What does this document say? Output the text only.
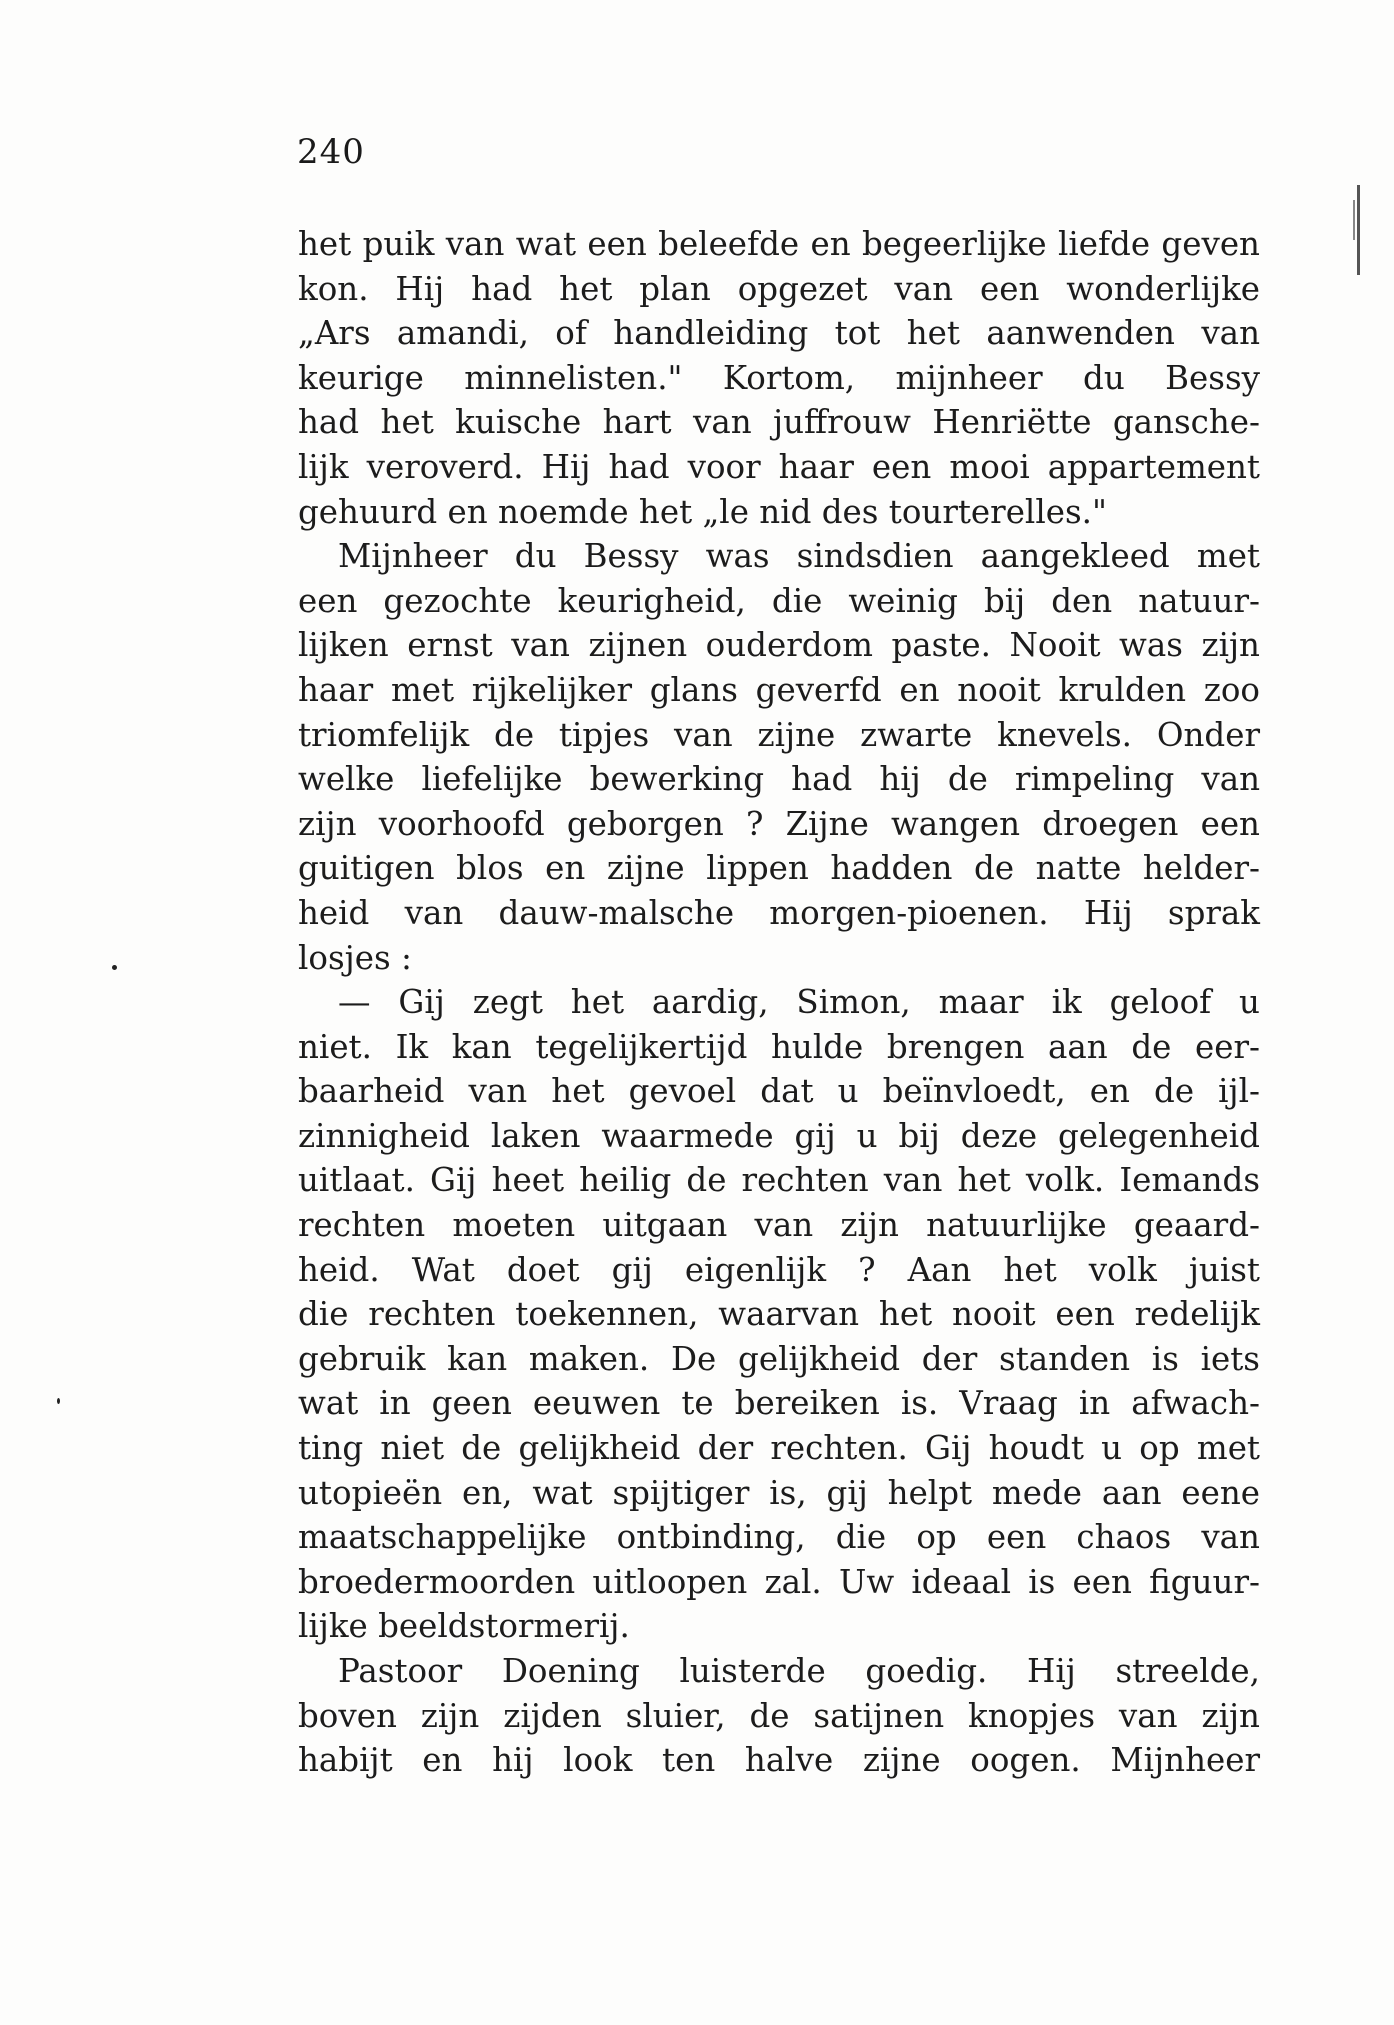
240
het puik van wat een beleefde en begeerlijke liefde geven
kon. Hij had het plan opgezet van een wonderlijke
„Ars amandi, of handleiding tot het aanwenden van
keurige minnelisten." Kortom, mijnheer du Bessy
had het kuische hart van juffrouw Henriëtte gansche-
lijk veroverd. Hij had voor haar een mooi appartement
gehuurd en noemde het „le nid des tourterelles."
Mijnheer du Bessy was sindsdien aangekleed met
een gezochte keurigheid, die weinig bij den natuur-
lijken ernst van zijnen ouderdom paste. Nooit was zijn
haar met rijkelijker glans geverfd en nooit krulden zoo
triomfelijk de tipjes van zijne zwarte knevels. Onder
welke liefelijke bewerking had hij de rimpeling van
zijn voorhoofd geborgen ? Zijne wangen droegen een
guitigen blos en zijne lippen hadden de natte helder-
heid van dauw-malsche morgen-pioenen. Hij sprak
losjes :
— Gij zegt het aardig, Simon, maar ik geloof u
niet. Ik kan tegelijkertijd hulde brengen aan de eer-
baarheid van het gevoel dat u beïnvloedt, en de ijl-
zinnigheid laken waarmede gij u bij deze gelegenheid
uitlaat. Gij heet heilig de rechten van het volk. Iemands
rechten moeten uitgaan van zijn natuurlijke geaard-
heid. Wat doet gij eigenlijk ? Aan het volk juist
die rechten toekennen, waarvan het nooit een redelijk
gebruik kan maken. De gelijkheid der standen is iets
wat in geen eeuwen te bereiken is. Vraag in afwach-
ting niet de gelijkheid der rechten. Gij houdt u op met
utopieën en, wat spijtiger is, gij helpt mede aan eene
maatschappelijke ontbinding, die op een chaos van
broedermoorden uitloopen zal. Uw ideaal is een figuur-
lijke beeldstormerij.
Pastoor Doening luisterde goedig. Hij streelde,
boven zijn zijden sluier, de satijnen knopjes van zijn
habijt en hij look ten halve zijne oogen. Mijnheer
